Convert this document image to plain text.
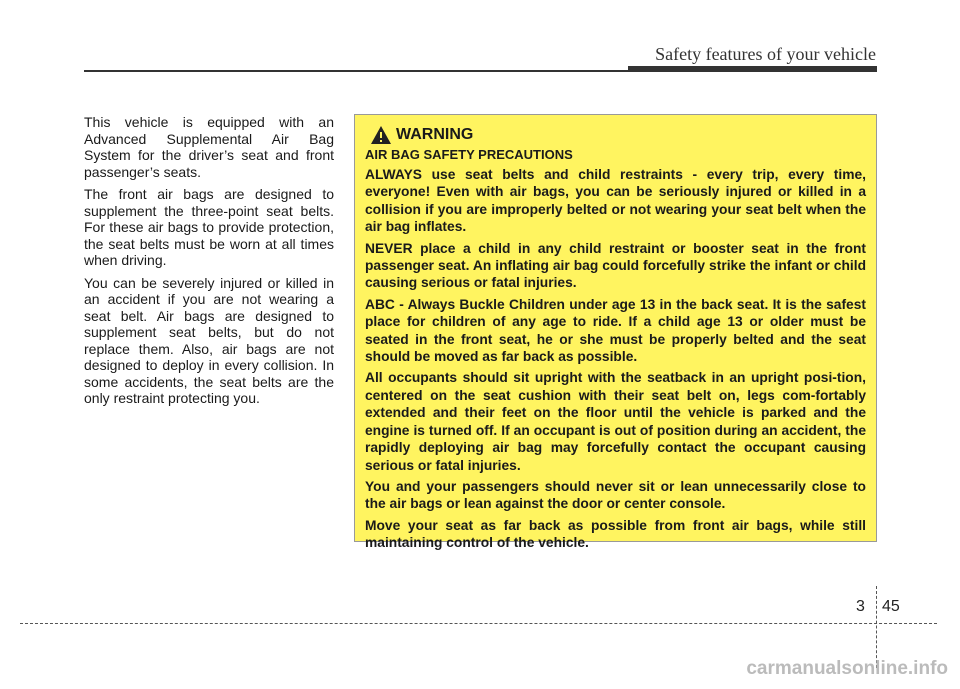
Safety features of your vehicle

This vehicle is equipped with an Advanced Supplemental Air Bag System for the driver’s seat and front passenger’s seats.

The front air bags are designed to supplement the three-point seat belts. For these air bags to provide protection, the seat belts must be worn at all times when driving.

You can be severely injured or killed in an accident if you are not wearing a seat belt. Air bags are designed to supplement seat belts, but do not replace them. Also, air bags are not designed to deploy in every collision. In some accidents, the seat belts are the only restraint protecting you.

WARNING
AIR BAG SAFETY PRECAUTIONS

ALWAYS use seat belts and child restraints - every trip, every time, everyone! Even with air bags, you can be seriously injured or killed in a collision if you are improperly belted or not wearing your seat belt when the air bag inflates.

NEVER place a child in any child restraint or booster seat in the front passenger seat. An inflating air bag could forcefully strike the infant or child causing serious or fatal injuries.

ABC - Always Buckle Children under age 13 in the back seat. It is the safest place for children of any age to ride. If a child age 13 or older must be seated in the front seat, he or she must be properly belted and the seat should be moved as far back as possible.

All occupants should sit upright with the seatback in an upright posi-tion, centered on the seat cushion with their seat belt on, legs com-fortably extended and their feet on the floor until the vehicle is parked and the engine is turned off. If an occupant is out of position during an accident, the rapidly deploying air bag may forcefully contact the occupant causing serious or fatal injuries.

You and your passengers should never sit or lean unnecessarily close to the air bags or lean against the door or center console.

Move your seat as far back as possible from front air bags, while still maintaining control of the vehicle.

3 45
carmanualsonline.info
